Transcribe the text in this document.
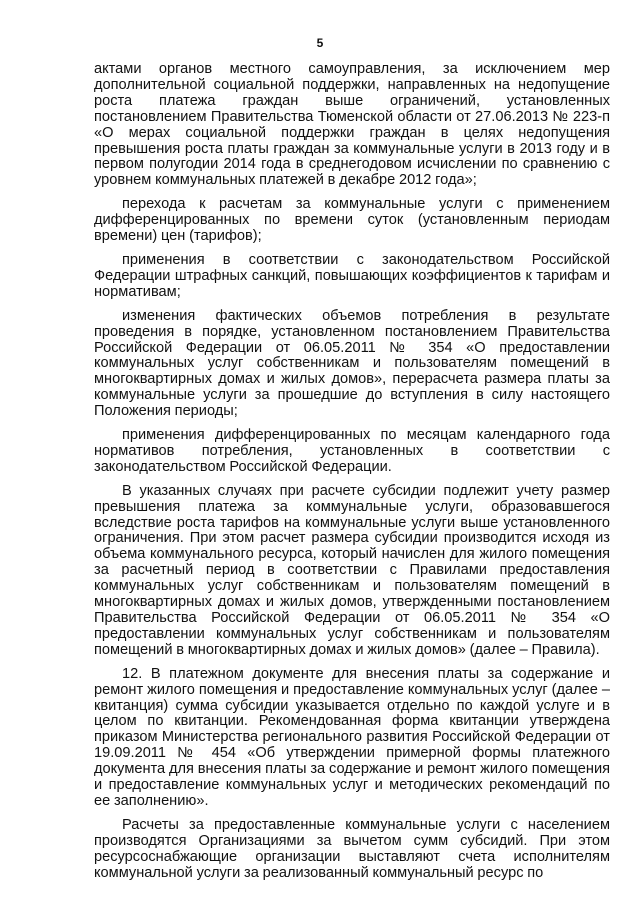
5

актами органов местного самоуправления, за исключением мер дополнительной социальной поддержки, направленных на недопущение роста платежа граждан выше ограничений, установленных постановлением Правительства Тюменской области от 27.06.2013 № 223-п «О мерах социальной поддержки граждан в целях недопущения превышения роста платы граждан за коммунальные услуги в 2013 году и в первом полугодии 2014 года в среднегодовом исчислении по сравнению с уровнем коммунальных платежей в декабре 2012 года»;

перехода к расчетам за коммунальные услуги с применением дифференцированных по времени суток (установленным периодам времени) цен (тарифов);

применения в соответствии с законодательством Российской Федерации штрафных санкций, повышающих коэффициентов к тарифам и нормативам;

изменения фактических объемов потребления в результате проведения в порядке, установленном постановлением Правительства Российской Федерации от 06.05.2011 № 354 «О предоставлении коммунальных услуг собственникам и пользователям помещений в многоквартирных домах и жилых домов», перерасчета размера платы за коммунальные услуги за прошедшие до вступления в силу настоящего Положения периоды;

применения дифференцированных по месяцам календарного года нормативов потребления, установленных в соответствии с законодательством Российской Федерации.

В указанных случаях при расчете субсидии подлежит учету размер превышения платежа за коммунальные услуги, образовавшегося вследствие роста тарифов на коммунальные услуги выше установленного ограничения. При этом расчет размера субсидии производится исходя из объема коммунального ресурса, который начислен для жилого помещения за расчетный период в соответствии с Правилами предоставления коммунальных услуг собственникам и пользователям помещений в многоквартирных домах и жилых домов, утвержденными постановлением Правительства Российской Федерации от 06.05.2011 № 354 «О предоставлении коммунальных услуг собственникам и пользователям помещений в многоквартирных домах и жилых домов» (далее – Правила).

12. В платежном документе для внесения платы за содержание и ремонт жилого помещения и предоставление коммунальных услуг (далее – квитанция) сумма субсидии указывается отдельно по каждой услуге и в целом по квитанции. Рекомендованная форма квитанции утверждена приказом Министерства регионального развития Российской Федерации от 19.09.2011 № 454 «Об утверждении примерной формы платежного документа для внесения платы за содержание и ремонт жилого помещения и предоставление коммунальных услуг и методических рекомендаций по ее заполнению».

Расчеты за предоставленные коммунальные услуги с населением производятся Организациями за вычетом сумм субсидий. При этом ресурсоснабжающие организации выставляют счета исполнителям коммунальной услуги за реализованный коммунальный ресурс по
